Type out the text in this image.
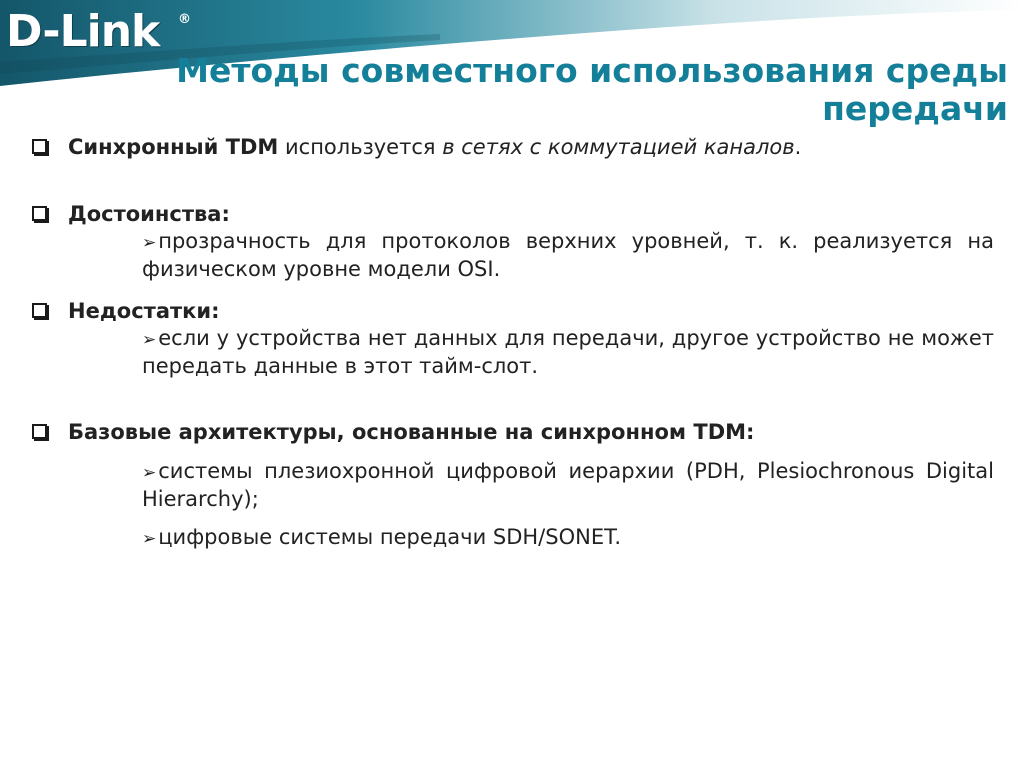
D-Link ®
Методы совместного использования среды передачи
Синхронный TDM используется в сетях с коммутацией каналов.
Достоинства:
➢прозрачность для протоколов верхних уровней, т. к. реализуется на физическом уровне модели OSI.
Недостатки:
➢если у устройства нет данных для передачи, другое устройство не может передать данные в этот тайм-слот.
Базовые архитектуры, основанные на синхронном TDM:
➢системы плезиохронной цифровой иерархии (PDH, Plesiochronous Digital Hierarchy);
➢цифровые системы передачи SDH/SONET.
